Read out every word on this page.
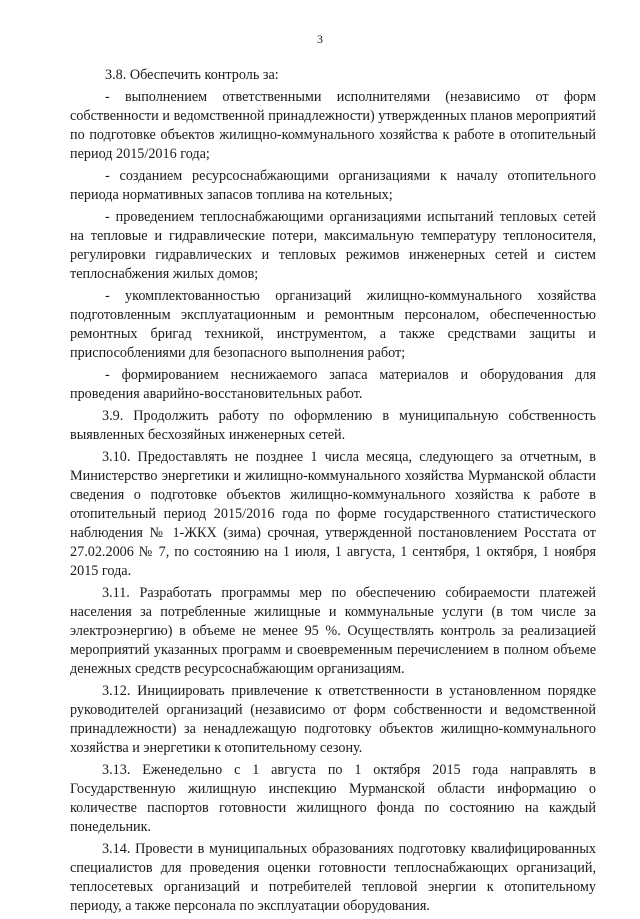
3

3.8. Обеспечить контроль за:

- выполнением ответственными исполнителями (независимо от форм собственности и ведомственной принадлежности) утвержденных планов мероприятий по подготовке объектов жилищно-коммунального хозяйства к работе в отопительный период 2015/2016 года;

- созданием ресурсоснабжающими организациями к началу отопительного периода нормативных запасов топлива на котельных;

- проведением теплоснабжающими организациями испытаний тепловых сетей на тепловые и гидравлические потери, максимальную температуру теплоносителя, регулировки гидравлических и тепловых режимов инженерных сетей и систем теплоснабжения жилых домов;

- укомплектованностью организаций жилищно-коммунального хозяйства подготовленным эксплуатационным и ремонтным персоналом, обеспеченностью ремонтных бригад техникой, инструментом, а также средствами защиты и приспособлениями для безопасного выполнения работ;

- формированием неснижаемого запаса материалов и оборудования для проведения аварийно-восстановительных работ.

3.9. Продолжить работу по оформлению в муниципальную собственность выявленных бесхозяйных инженерных сетей.

3.10. Предоставлять не позднее 1 числа месяца, следующего за отчетным, в Министерство энергетики и жилищно-коммунального хозяйства Мурманской области сведения о подготовке объектов жилищно-коммунального хозяйства к работе в отопительный период 2015/2016 года по форме государственного статистического наблюдения № 1-ЖКХ (зима) срочная, утвержденной постановлением Росстата от 27.02.2006 № 7, по состоянию на 1 июля, 1 августа, 1 сентября, 1 октября, 1 ноября 2015 года.

3.11. Разработать программы мер по обеспечению собираемости платежей населения за потребленные жилищные и коммунальные услуги (в том числе за электроэнергию) в объеме не менее 95 %. Осуществлять контроль за реализацией мероприятий указанных программ и своевременным перечислением в полном объеме денежных средств ресурсоснабжающим организациям.

3.12. Инициировать привлечение к ответственности в установленном порядке руководителей организаций (независимо от форм собственности и ведомственной принадлежности) за ненадлежащую подготовку объектов жилищно-коммунального хозяйства и энергетики к отопительному сезону.

3.13. Еженедельно с 1 августа по 1 октября 2015 года направлять в Государственную жилищную инспекцию Мурманской области информацию о количестве паспортов готовности жилищного фонда по состоянию на каждый понедельник.

3.14. Провести в муниципальных образованиях подготовку квалифицированных специалистов для проведения оценки готовности теплоснабжающих организаций, теплосетевых организаций и потребителей тепловой энергии к отопительному периоду, а также персонала по эксплуатации оборудования.
